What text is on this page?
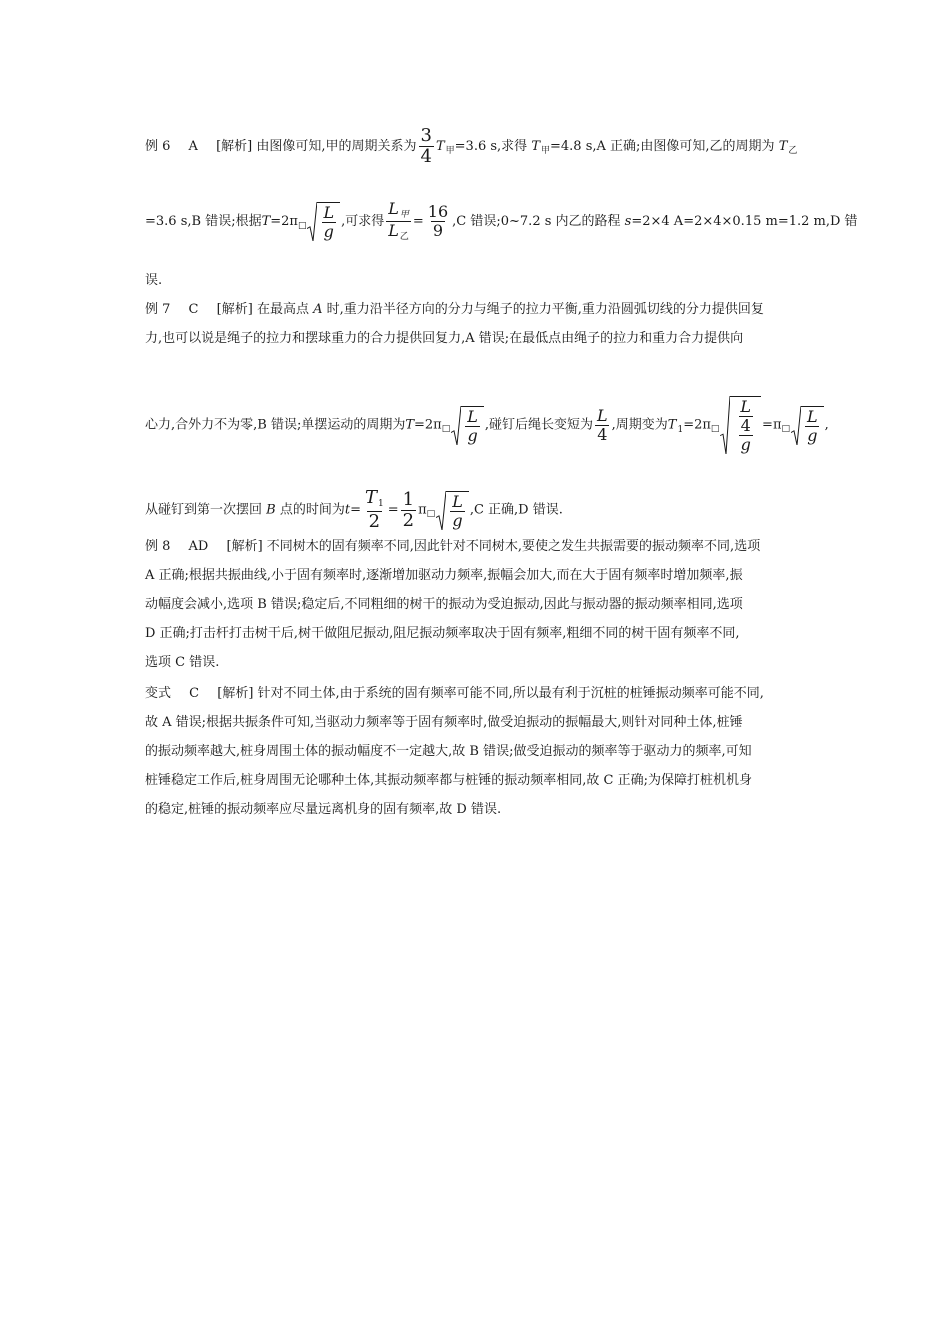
例 6 A [解析] 由图像可知,甲的周期关系为 $\frac{3}{4} T_甲=3.6$ s,求得 $T_甲=4.8$ s,A 正确;由图像可知,乙的周期为 $T_乙$
=3.6 s,B 错误;根据T=2π□ $\frac{L}{g}$ ,可求得 $\frac{\text{L甲}}{\text{L乙}} = \frac{16}{9} ,C$ 错误;0~7.2 s 内乙的路程 s=2×4 A=2×4×0.15 m=1.2 m,D 错
误.
例 7 C [解析] 在最高点 A 时,重力沿半径方向的分力与绳子的拉力平衡,重力沿圆弧切线的分力提供回复
力,也可以说是绳子的拉力和摆球重力的合力提供回复力,A 错误;在最低点由绳子的拉力和重力合力提供向
心力,合外力不为零,B 错误;单摆运动的周期为T=2π□ $\frac{L}{g}$ ,碰钉后绳长变短为 $\frac{L}{4}$ ,周期变为$T_1=2\pi□ \frac{\frac{L}{4}}{g}$ =π□ $\frac{L}{g}$ ,
从碰钉到第一次摆回 B 点的时间为$t= \frac{T1}{2} = \frac{1}{2}$ π□ $\frac{L}{g} ,C$ 正确,D 错误.
例 8 AD [解析] 不同树木的固有频率不同,因此针对不同树木,要使之发生共振需要的振动频率不同,选项
A 正确;根据共振曲线,小于固有频率时,逐渐增加驱动力频率,振幅会加大,而在大于固有频率时增加频率,振
动幅度会减小,选项 B 错误;稳定后,不同粗细的树干的振动为受迫振动,因此与振动器的振动频率相同,选项
D 正确;打击杆打击树干后,树干做阻尼振动,阻尼振动频率取决于固有频率,粗细不同的树干固有频率不同,
选项 C 错误.
变式 C [解析] 针对不同土体,由于系统的固有频率可能不同,所以最有利于沉桩的桩锤振动频率可能不同,
故 A 错误;根据共振条件可知,当驱动力频率等于固有频率时,做受迫振动的振幅最大,则针对同种土体,桩锤
的振动频率越大,桩身周围土体的振动幅度不一定越大,故 B 错误;做受迫振动的频率等于驱动力的频率,可知
桩锤稳定工作后,桩身周围无论哪种土体,其振动频率都与桩锤的振动频率相同,故 C 正确;为保障打桩机机身
的稳定,桩锤的振动频率应尽量远离机身的固有频率,故 D 错误.
